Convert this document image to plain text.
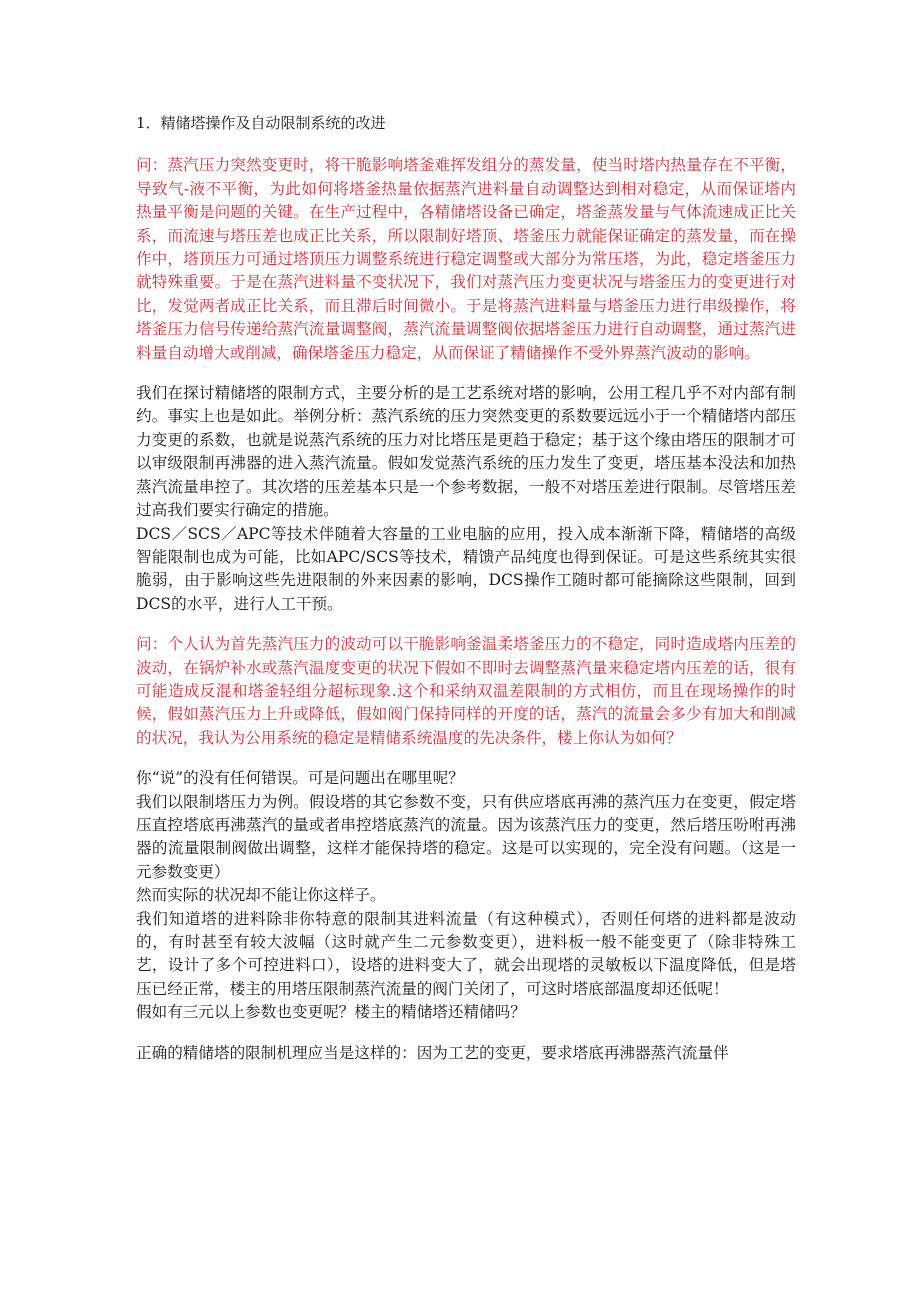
1．精储塔操作及自动限制系统的改进

问：蒸汽压力突然变更时，将干脆影响塔釜难挥发组分的蒸发量，使当时塔内热量存在不平衡，导致气-液不平衡，为此如何将塔釜热量依据蒸汽进料量自动调整达到相对稳定，从而保证塔内热量平衡是问题的关键。在生产过程中，各精储塔设备已确定，塔釜蒸发量与气体流速成正比关系，而流速与塔压差也成正比关系，所以限制好塔顶、塔釜压力就能保证确定的蒸发量，而在操作中，塔顶压力可通过塔顶压力调整系统进行稳定调整或大部分为常压塔，为此，稳定塔釜压力就特殊重要。于是在蒸汽进料量不变状况下，我们对蒸汽压力变更状况与塔釜压力的变更进行对比，发觉两者成正比关系，而且滞后时间微小。于是将蒸汽进料量与塔釜压力进行串级操作，将塔釜压力信号传递给蒸汽流量调整阀，蒸汽流量调整阀依据塔釜压力进行自动调整，通过蒸汽进料量自动增大或削减，确保塔釜压力稳定，从而保证了精储操作不受外界蒸汽波动的影响。

我们在探讨精储塔的限制方式，主要分析的是工艺系统对塔的影响，公用工程几乎不对内部有制约。事实上也是如此。举例分析：蒸汽系统的压力突然变更的系数要远远小于一个精储塔内部压力变更的系数，也就是说蒸汽系统的压力对比塔压是更趋于稳定；基于这个缘由塔压的限制才可以审级限制再沸器的进入蒸汽流量。假如发觉蒸汽系统的压力发生了变更，塔压基本没法和加热蒸汽流量串控了。其次塔的压差基本只是一个参考数据，一般不对塔压差进行限制。尽管塔压差过高我们要实行确定的措施。

DCS／SCS／APC等技术伴随着大容量的工业电脑的应用，投入成本渐渐下降，精储塔的高级智能限制也成为可能，比如APC/SCS等技术，精馈产品纯度也得到保证。可是这些系统其实很脆弱，由于影响这些先进限制的外来因素的影响，DCS操作工随时都可能摘除这些限制，回到DCS的水平，进行人工干预。

问：个人认为首先蒸汽压力的波动可以干脆影响釜温柔塔釜压力的不稳定，同时造成塔内压差的波动，在锅炉补水或蒸汽温度变更的状况下假如不即时去调整蒸汽量来稳定塔内压差的话，很有可能造成反混和塔釜轻组分超标现象.这个和采纳双温差限制的方式相仿，而且在现场操作的时候，假如蒸汽压力上升或降低，假如阀门保持同样的开度的话，蒸汽的流量会多少有加大和削减的状况，我认为公用系统的稳定是精储系统温度的先决条件，楼上你认为如何？

你“说”的没有任何错误。可是问题出在哪里呢？

我们以限制塔压力为例。假设塔的其它参数不变，只有供应塔底再沸的蒸汽压力在变更，假定塔压直控塔底再沸蒸汽的量或者串控塔底蒸汽的流量。因为该蒸汽压力的变更，然后塔压吩咐再沸器的流量限制阀做出调整，这样才能保持塔的稳定。这是可以实现的，完全没有问题。（这是一元参数变更）

然而实际的状况却不能让你这样子。

我们知道塔的进料除非你特意的限制其进料流量（有这种模式），否则任何塔的进料都是波动的，有时甚至有较大波幅（这时就产生二元参数变更），进料板一般不能变更了（除非特殊工艺，设计了多个可控进料口），设塔的进料变大了，就会出现塔的灵敏板以下温度降低，但是塔压已经正常，楼主的用塔压限制蒸汽流量的阀门关闭了，可这时塔底部温度却还低呢！

假如有三元以上参数也变更呢？楼主的精储塔还精储吗？

正确的精储塔的限制机理应当是这样的：因为工艺的变更，要求塔底再沸器蒸汽流量伴
